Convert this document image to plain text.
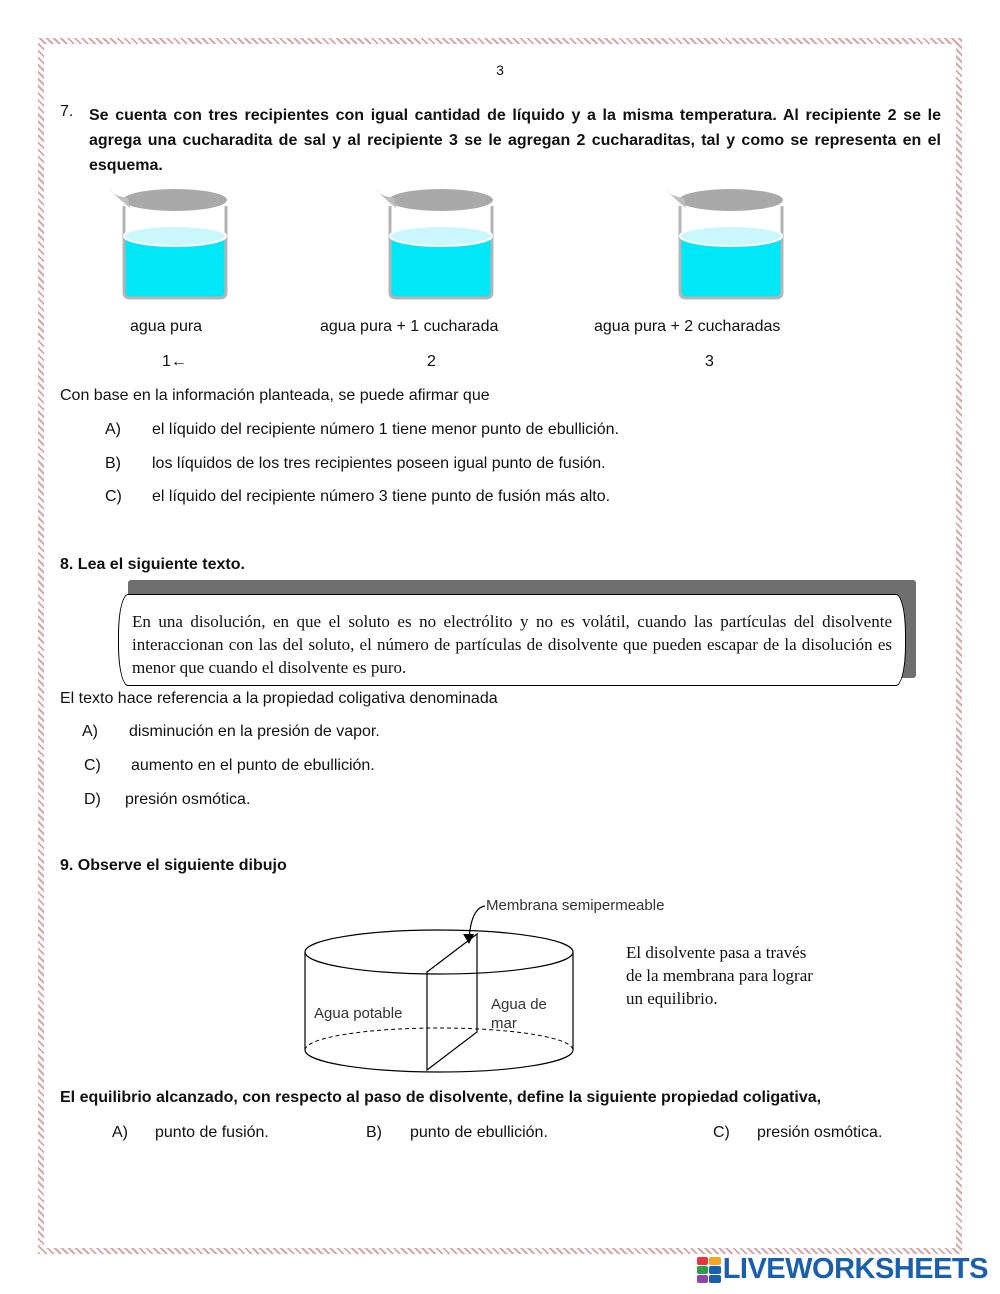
3
7. Se cuenta con tres recipientes con igual cantidad de líquido y a la misma temperatura. Al recipiente 2 se le agrega una cucharadita de sal y al recipiente 3 se le agregan 2 cucharaditas, tal y como se representa en el esquema.
agua pura	agua pura + 1 cucharada	agua pura + 2 cucharadas
1←	2	3
Con base en la información planteada, se puede afirmar que
A) el líquido del recipiente número 1 tiene menor punto de ebullición.
B) los líquidos de los tres recipientes poseen igual punto de fusión.
C) el líquido del recipiente número 3 tiene punto de fusión más alto.
8. Lea el siguiente texto.
En una disolución, en que el soluto es no electrólito y no es volátil, cuando las partículas del disolvente interaccionan con las del soluto, el número de partículas de disolvente que pueden escapar de la disolución es menor que cuando el disolvente es puro.
El texto hace referencia a la propiedad coligativa denominada
A) disminución en la presión de vapor.
C) aumento en el punto de ebullición.
D) presión osmótica.
9. Observe el siguiente dibujo
Membrana semipermeable
Agua potable
Agua de
mar
El disolvente pasa a través
de la membrana para lograr
un equilibrio.
El equilibrio alcanzado, con respecto al paso de disolvente, define la siguiente propiedad coligativa,
A) punto de fusión.	B) punto de ebullición.	C) presión osmótica.
LIVEWORKSHEETS
